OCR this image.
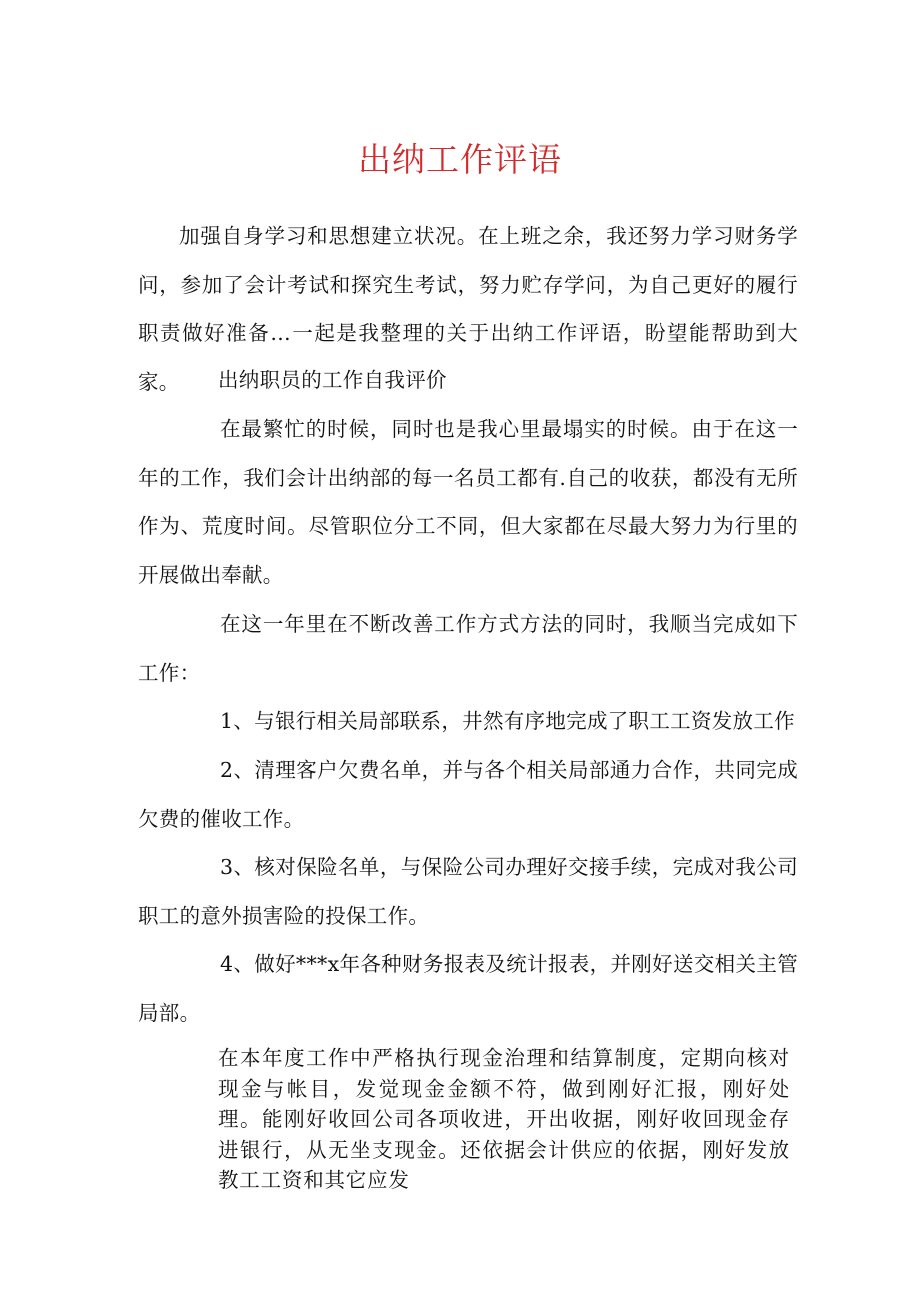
出纳工作评语

加强自身学习和思想建立状况。在上班之余，我还努力学习财务学问，参加了会计考试和探究生考试，努力贮存学问，为自己更好的履行职责做好准备…一起是我整理的关于出纳工作评语，盼望能帮助到大家。	出纳职员的工作自我评价

在最繁忙的时候，同时也是我心里最塌实的时候。由于在这一年的工作，我们会计出纳部的每一名员工都有.自己的收获，都没有无所作为、荒度时间。尽管职位分工不同，但大家都在尽最大努力为行里的开展做出奉献。

在这一年里在不断改善工作方式方法的同时，我顺当完成如下工作：

1、与银行相关局部联系，井然有序地完成了职工工资发放工作

2、清理客户欠费名单，并与各个相关局部通力合作，共同完成欠费的催收工作。

3、核对保险名单，与保险公司办理好交接手续，完成对我公司职工的意外损害险的投保工作。

4、做好***x年各种财务报表及统计报表，并刚好送交相关主管局部。

在本年度工作中严格执行现金治理和结算制度，定期向核对现金与帐目，发觉现金金额不符，做到刚好汇报，刚好处理。能刚好收回公司各项收进，开出收据，刚好收回现金存进银行，从无坐支现金。还依据会计供应的依据，刚好发放教工工资和其它应发
